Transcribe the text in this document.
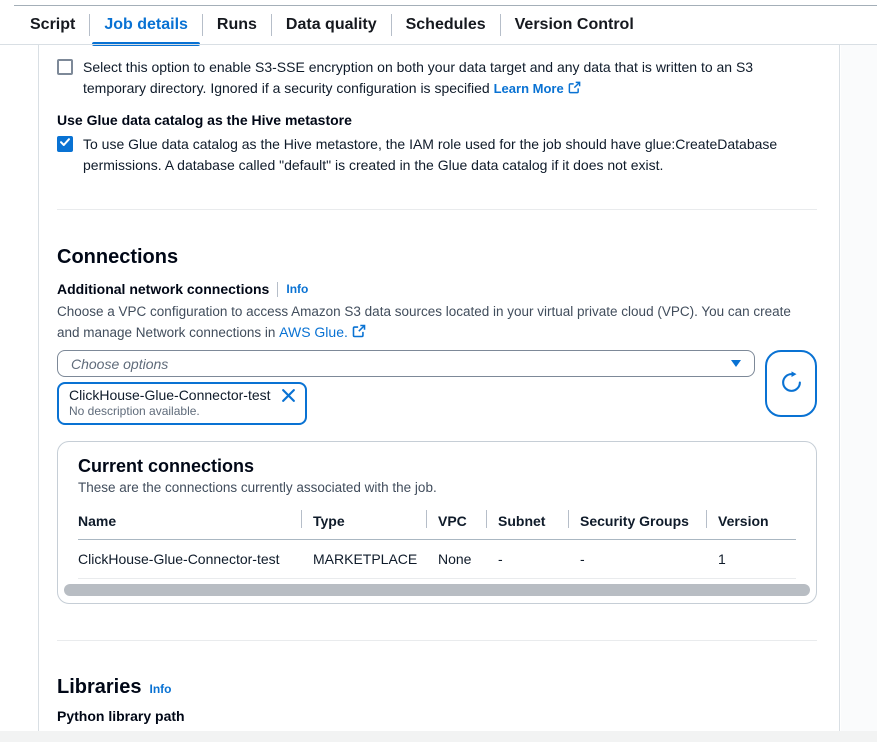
Script	Job details	Runs	Data quality	Schedules	Version Control
Select this option to enable S3-SSE encryption on both your data target and any data that is written to an S3 temporary directory. Ignored if a security configuration is specified Learn More
Use Glue data catalog as the Hive metastore
To use Glue data catalog as the Hive metastore, the IAM role used for the job should have glue:CreateDatabase permissions. A database called "default" is created in the Glue data catalog if it does not exist.
Connections
Additional network connections Info
Choose a VPC configuration to access Amazon S3 data sources located in your virtual private cloud (VPC). You can create and manage Network connections in AWS Glue.
Choose options
ClickHouse-Glue-Connector-test
No description available.
Current connections
These are the connections currently associated with the job.
Name	Type	VPC	Subnet	Security Groups	Version
ClickHouse-Glue-Connector-test	MARKETPLACE	None	-	-	1
Libraries Info
Python library path
